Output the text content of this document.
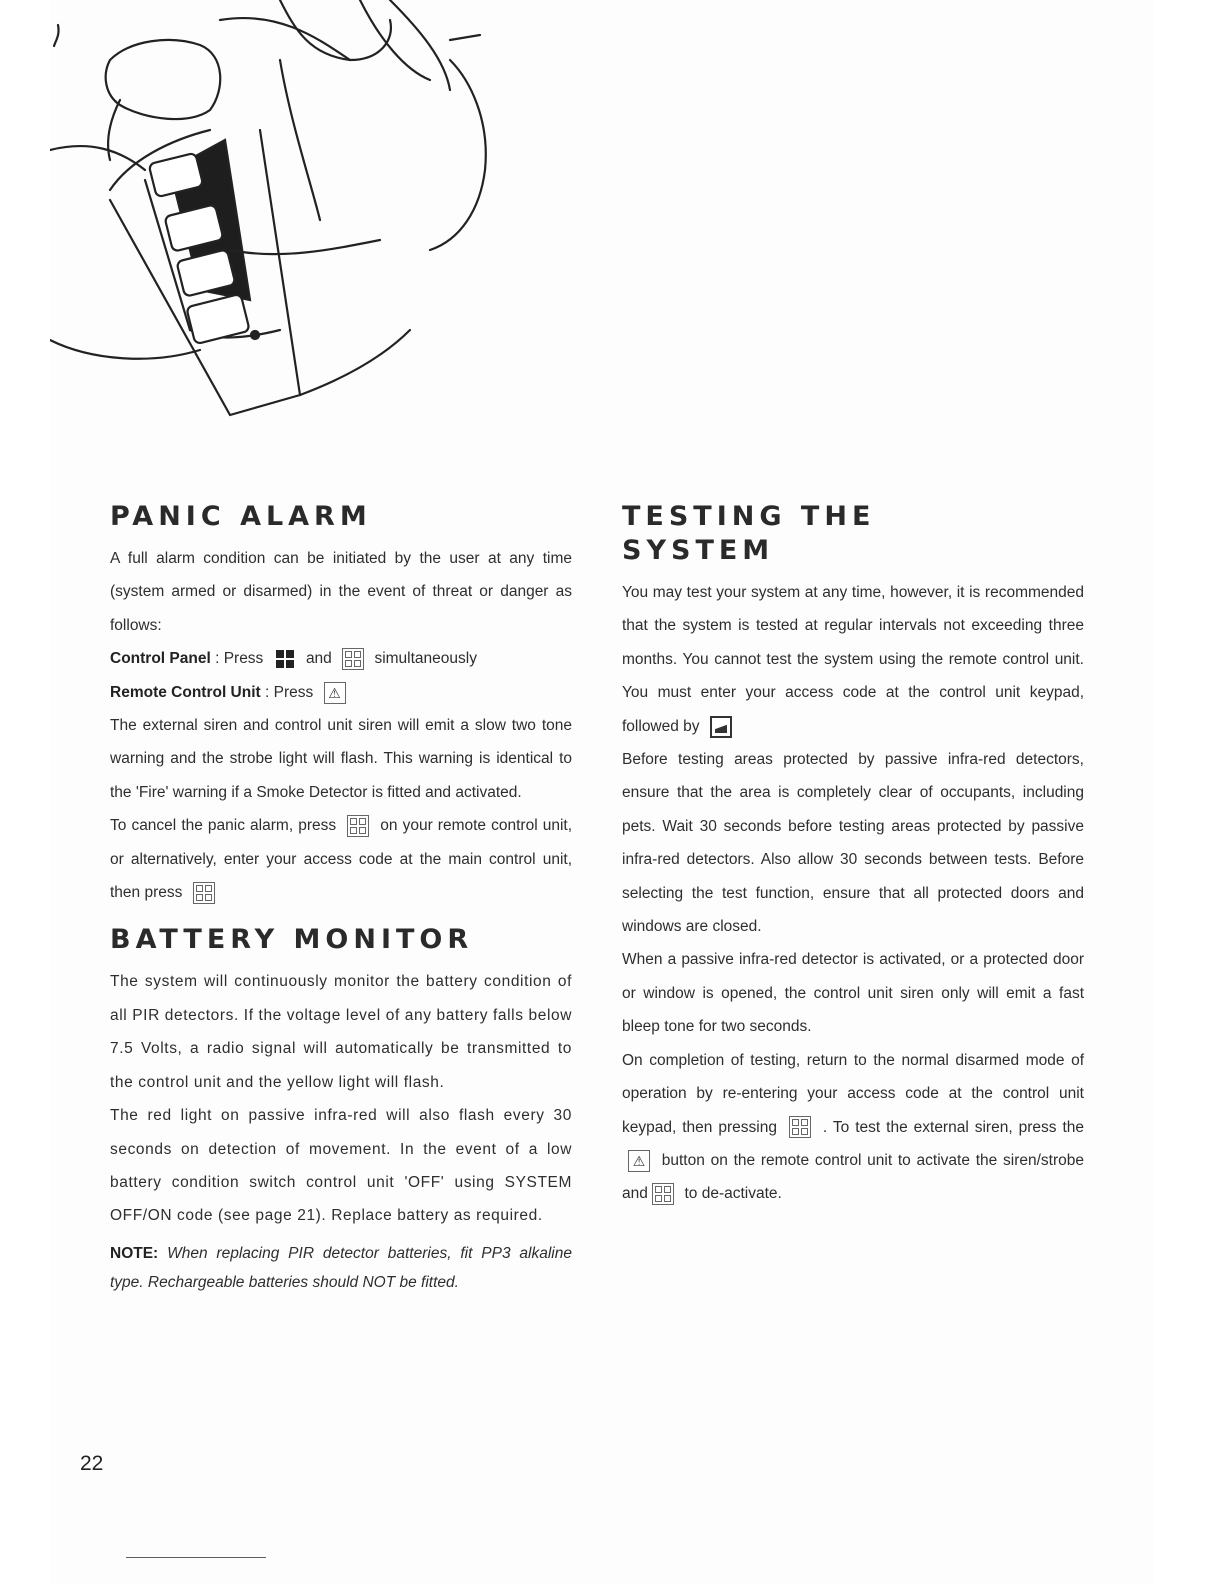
PANIC ALARM

A full alarm condition can be initiated by the user at any time (system armed or disarmed) in the event of threat or danger as follows:

Control Panel : Press	and	simultaneously

Remote Control Unit : Press ⚠

The external siren and control unit siren will emit a slow two tone warning and the strobe light will flash. This warning is identical to the 'Fire' warning if a Smoke Detector is fitted and activated.

To cancel the panic alarm, press	on your remote control unit, or alternatively, enter your access code at the main control unit, then press

BATTERY MONITOR

The system will continuously monitor the battery condition of all PIR detectors. If the voltage level of any battery falls below 7.5 Volts, a radio signal will automatically be transmitted to the control unit and the yellow light will flash.

The red light on passive infra-red will also flash every 30 seconds on detection of movement. In the event of a low battery condition switch control unit 'OFF' using SYSTEM OFF/ON code (see page 21). Replace battery as required.

NOTE: When replacing PIR detector batteries, fit PP3 alkaline type. Rechargeable batteries should NOT be fitted.

TESTING THE
SYSTEM

You may test your system at any time, however, it is recommended that the system is tested at regular intervals not exceeding three months. You cannot test the system using the remote control unit. You must enter your access code at the control unit keypad, followed by

Before testing areas protected by passive infra-red detectors, ensure that the area is completely clear of occupants, including pets. Wait 30 seconds before testing areas protected by passive infra-red detectors. Also allow 30 seconds between tests. Before selecting the test function, ensure that all protected doors and windows are closed.

When a passive infra-red detector is activated, or a protected door or window is opened, the control unit siren only will emit a fast bleep tone for two seconds.

On completion of testing, return to the normal disarmed mode of operation by re-entering your access code at the control unit keypad, then pressing	. To test the external siren, press the ⚠ button on the remote control unit to activate the siren/strobe and to de-activate.

22
